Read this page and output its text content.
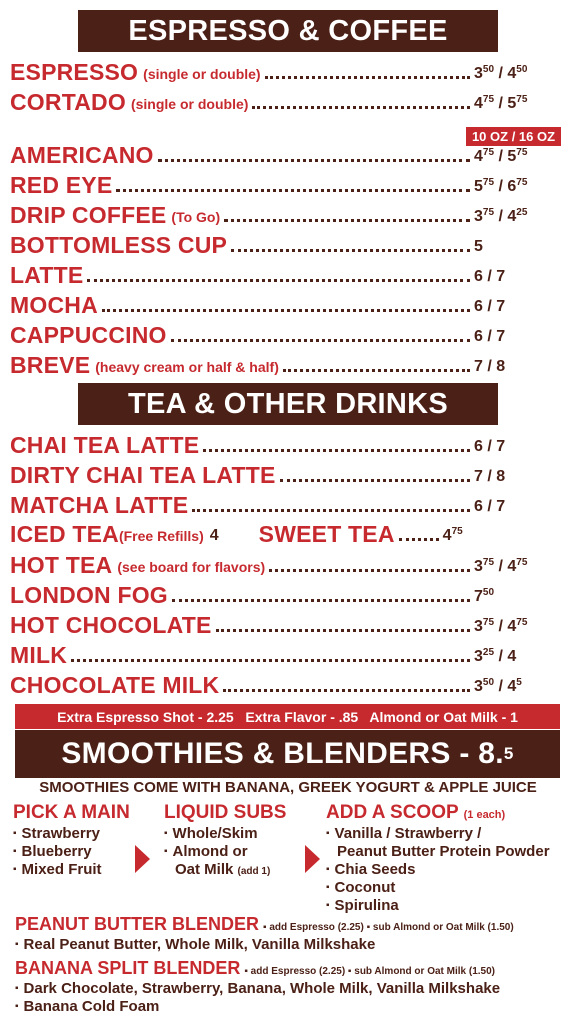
ESPRESSO & COFFEE
10 OZ / 16 OZ
ESPRESSO (single or double)	$3^{50} / 4^{50}$
CORTADO (single or double)	$4^{75} / 5^{75}$
AMERICANO	$4^{75} / 5^{75}$
RED EYE	$5^{75} / 6^{75}$
DRIP COFFEE (To Go)	$3^{75} / 4^{25}$
BOTTOMLESS CUP	5
LATTE	6 / 7
MOCHA	6 / 7
CAPPUCCINO	6 / 7
BREVE (heavy cream or half & half)	7 / 8
TEA & OTHER DRINKS
CHAI TEA LATTE	6 / 7
DIRTY CHAI TEA LATTE	7 / 8
MATCHA LATTE	6 / 7
HOT TEA (see board for flavors)	$3^{75} / 4^{75}$
LONDON FOG	$7^{50}$
HOT CHOCOLATE	$3^{75} / 4^{75}$
MILK	$3^{25} / 4$
CHOCOLATE MILK	$3^{50} / 4^5$
ICED TEA (Free Refills) 4 SWEET TEA	$4^{75}$
Extra Espresso Shot - 2.25   Extra Flavor - .85   Almond or Oat Milk - 1
SMOOTHIES & BLENDERS - 8. 5
SMOOTHIES COME WITH BANANA, GREEK YOGURT & APPLE JUICE
PICK A MAIN
▪ Strawberry
▪ Blueberry
▪ Mixed Fruit
LIQUID SUBS
▪ Whole/Skim
▪ Almond or
Oat Milk (add 1)
ADD A SCOOP (1 each)
▪ Vanilla / Strawberry /
Peanut Butter Protein Powder
▪ Chia Seeds
▪ Coconut
▪ Spirulina
PEANUT BUTTER BLENDER ▪ add Espresso (2.25) ▪ sub Almond or Oat Milk (1.50)
▪ Real Peanut Butter, Whole Milk, Vanilla Milkshake
BANANA SPLIT BLENDER ▪ add Espresso (2.25) ▪ sub Almond or Oat Milk (1.50)
▪ Dark Chocolate, Strawberry, Banana, Whole Milk, Vanilla Milkshake
▪ Banana Cold Foam
